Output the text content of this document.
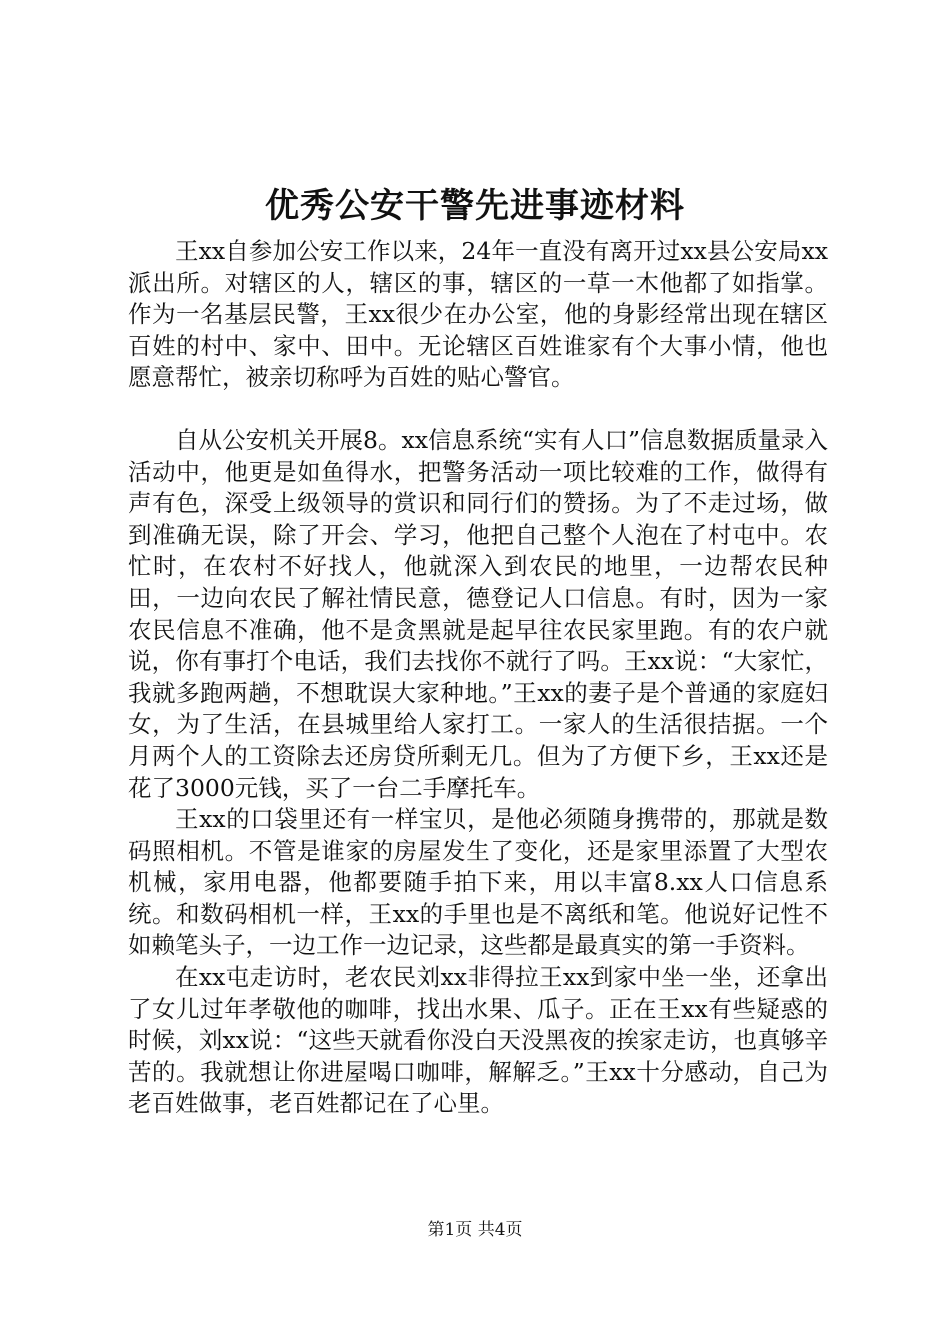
优秀公安干警先进事迹材料

王xx自参加公安工作以来，24年一直没有离开过xx县公安局xx派出所。对辖区的人，辖区的事，辖区的一草一木他都了如指掌。作为一名基层民警，王xx很少在办公室，他的身影经常出现在辖区百姓的村中、家中、田中。无论辖区百姓谁家有个大事小情，他也愿意帮忙，被亲切称呼为百姓的贴心警官。

自从公安机关开展8。xx信息系统“实有人口”信息数据质量录入活动中，他更是如鱼得水，把警务活动一项比较难的工作，做得有声有色，深受上级领导的赏识和同行们的赞扬。为了不走过场，做到准确无误，除了开会、学习，他把自己整个人泡在了村屯中。农忙时，在农村不好找人，他就深入到农民的地里，一边帮农民种田，一边向农民了解社情民意，德登记人口信息。有时，因为一家农民信息不准确，他不是贪黑就是起早往农民家里跑。有的农户就说，你有事打个电话，我们去找你不就行了吗。王xx说：“大家忙，我就多跑两趟，不想耽误大家种地。”王xx的妻子是个普通的家庭妇女，为了生活，在县城里给人家打工。一家人的生活很拮据。一个月两个人的工资除去还房贷所剩无几。但为了方便下乡，王xx还是花了3000元钱，买了一台二手摩托车。

王xx的口袋里还有一样宝贝，是他必须随身携带的，那就是数码照相机。不管是谁家的房屋发生了变化，还是家里添置了大型农机械，家用电器，他都要随手拍下来，用以丰富8.xx人口信息系统。和数码相机一样，王xx的手里也是不离纸和笔。他说好记性不如赖笔头子，一边工作一边记录，这些都是最真实的第一手资料。

在xx屯走访时，老农民刘xx非得拉王xx到家中坐一坐，还拿出了女儿过年孝敬他的咖啡，找出水果、瓜子。正在王xx有些疑惑的时候，刘xx说：“这些天就看你没白天没黑夜的挨家走访，也真够辛苦的。我就想让你进屋喝口咖啡，解解乏。”王xx十分感动，自己为老百姓做事，老百姓都记在了心里。

第1页 共4页
